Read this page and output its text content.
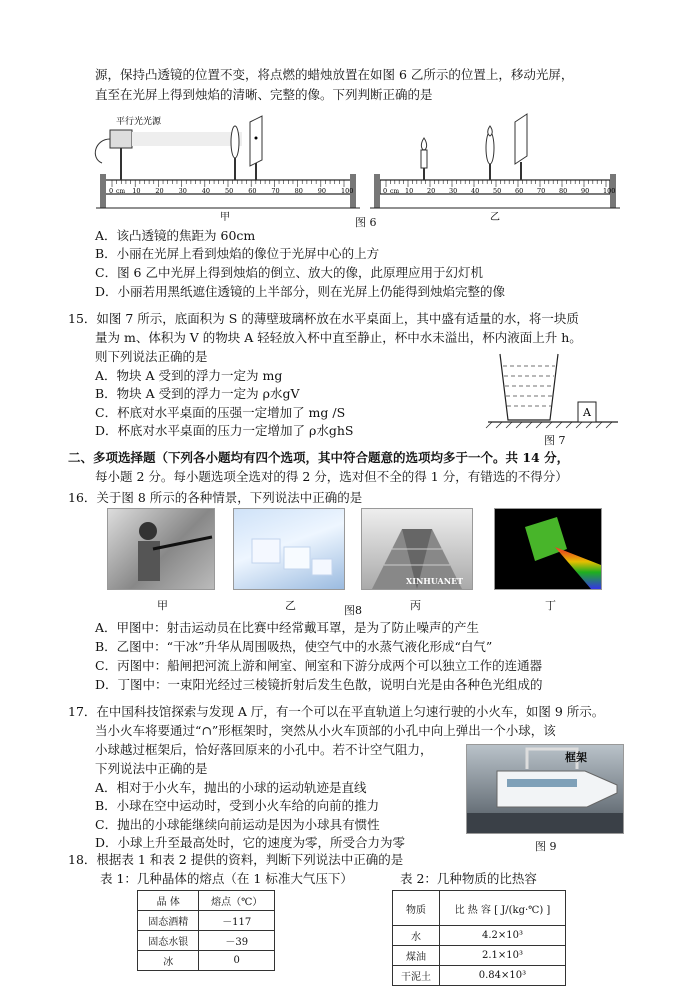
源，保持凸透镜的位置不变，将点燃的蜡烛放置在如图 6 乙所示的位置上，移动光屏，
直至在光屏上得到烛焰的清晰、完整的像。下列判断正确的是
平行光光源
甲	乙
0	10 20 30 40 50 60 70 80 90 100
cm	0	10 20 30 40 50 60 70 80 90 100
cm
图 6
A．该凸透镜的焦距为 60cm
B．小丽在光屏上看到烛焰的像位于光屏中心的上方
C．图 6 乙中光屏上得到烛焰的倒立、放大的像，此原理应用于幻灯机
D．小丽若用黑纸遮住透镜的上半部分，则在光屏上仍能得到烛焰完整的像
15．如图 7 所示，底面积为 S 的薄壁玻璃杯放在水平桌面上，其中盛有适量的水，将一块质
量为 m、体积为 V 的物块 A 轻轻放入杯中直至静止，杯中水未溢出，杯内液面上升 h。
则下列说法正确的是
A．物块 A 受到的浮力一定为 mg
B．物块 A 受到的浮力一定为 ρ水gV
C．杯底对水平桌面的压强一定增加了 mg /S
D．杯底对水平桌面的压力一定增加了 ρ水ghS
A
图 7
二、多项选择题（下列各小题均有四个选项，其中符合题意的选项均多于一个。共 14 分，
每小题 2 分。每小题选项全选对的得 2 分，选对但不全的得 1 分，有错选的不得分）
16．关于图 8 所示的各种情景，下列说法中正确的是
XINHUANET
甲	乙	图8	丙	丁
A．甲图中：射击运动员在比赛中经常戴耳罩，是为了防止噪声的产生
B．乙图中：“干冰”升华从周围吸热，使空气中的水蒸气液化形成“白气”
C．丙图中：船闸把河流上游和闸室、闸室和下游分成两个可以独立工作的连通器
D．丁图中：一束阳光经过三棱镜折射后发生色散，说明白光是由各种色光组成的
17．在中国科技馆探索与发现 A 厅，有一个可以在平直轨道上匀速行驶的小火车，如图 9 所示。
当小火车将要通过“∩”形框架时，突然从小火车顶部的小孔中向上弹出一个小球，该
小球越过框架后，恰好落回原来的小孔中。若不计空气阻力，
下列说法中正确的是
A．相对于小火车，抛出的小球的运动轨迹是直线
B．小球在空中运动时，受到小火车给的向前的推力
C．抛出的小球能继续向前运动是因为小球具有惯性
D．小球上升至最高处时，它的速度为零，所受合力为零
框架
图 9
18．根据表 1 和表 2 提供的资料，判断下列说法中正确的是
表 1：几种晶体的熔点（在 1 标准大气压下）	表 2：几种物质的比热容
晶 体	熔点（℃）
固态酒精	－117
固态水银	－39
冰	0
物质	比 热 容 [ J/(kg·℃) ]
水	4.2×10³
煤油	2.1×10³
干泥土	0.84×10³
